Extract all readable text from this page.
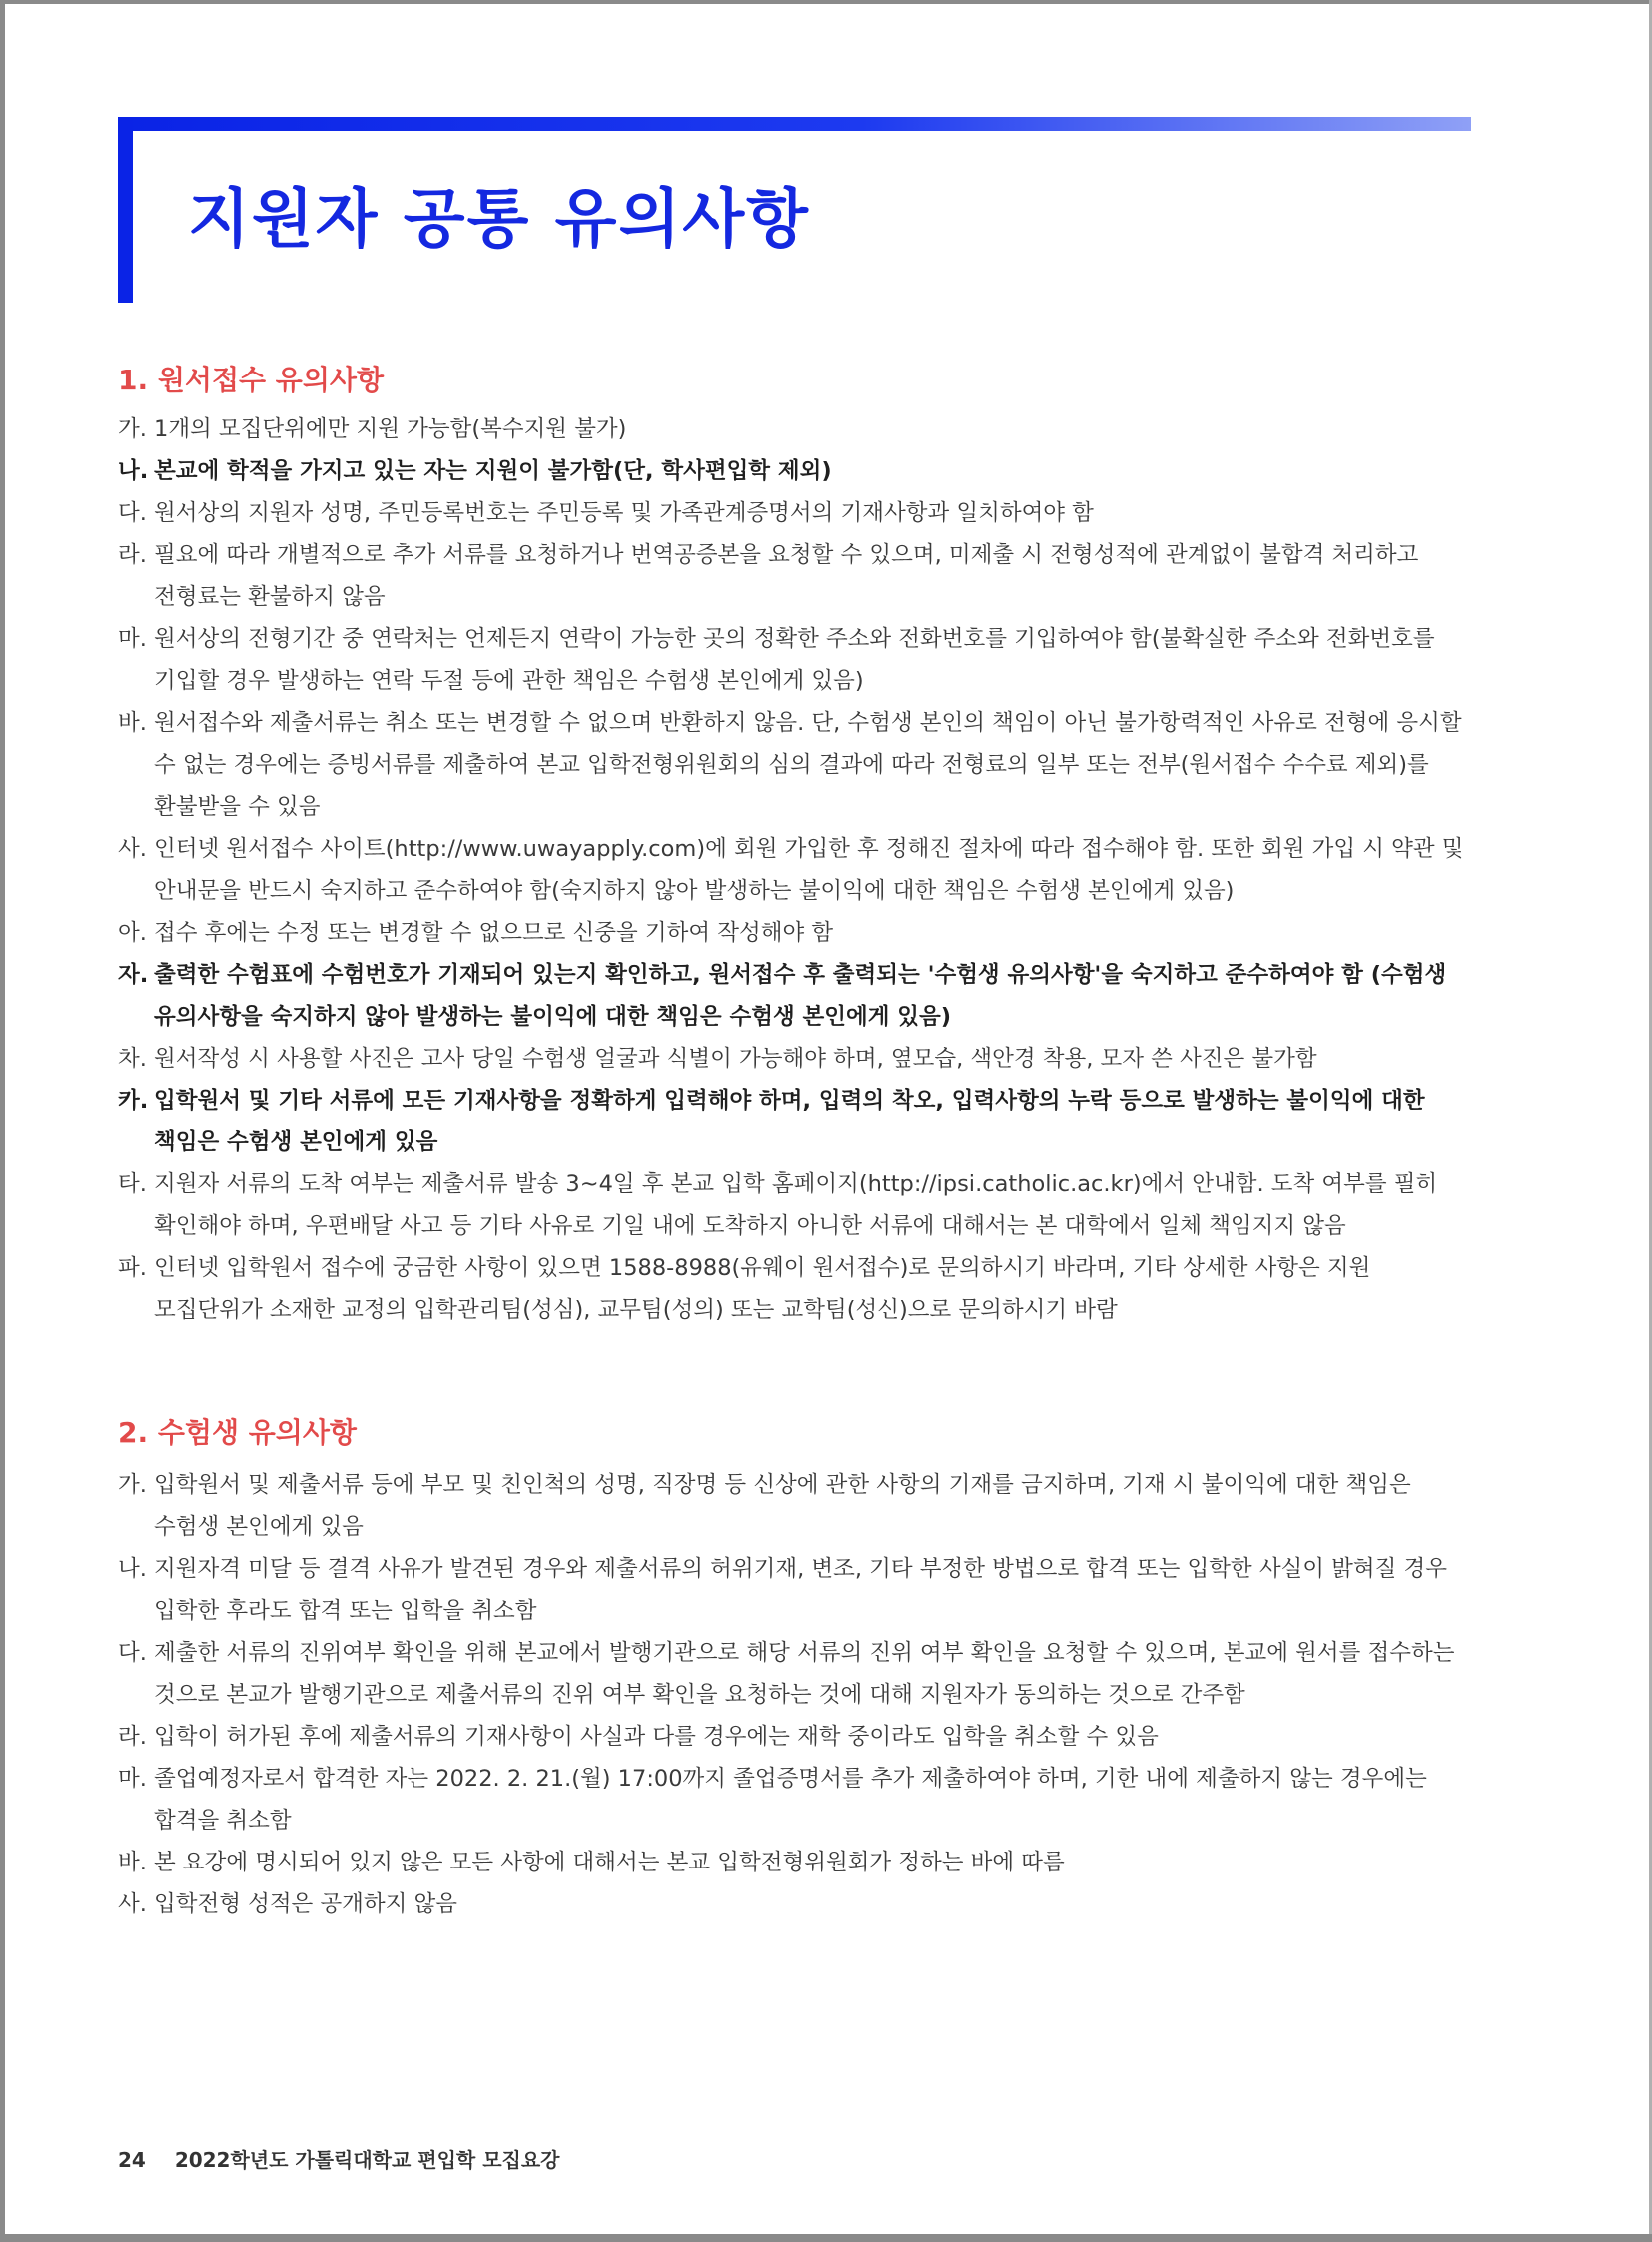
지원자 공통 유의사항
1. 원서접수 유의사항
가. 1개의 모집단위에만 지원 가능함(복수지원 불가)
나. 본교에 학적을 가지고 있는 자는 지원이 불가함(단, 학사편입학 제외)
다. 원서상의 지원자 성명, 주민등록번호는 주민등록 및 가족관계증명서의 기재사항과 일치하여야 함
라. 필요에 따라 개별적으로 추가 서류를 요청하거나 번역공증본을 요청할 수 있으며, 미제출 시 전형성적에 관계없이 불합격 처리하고 전형료는 환불하지 않음
마. 원서상의 전형기간 중 연락처는 언제든지 연락이 가능한 곳의 정확한 주소와 전화번호를 기입하여야 함(불확실한 주소와 전화번호를 기입할 경우 발생하는 연락 두절 등에 관한 책임은 수험생 본인에게 있음)
바. 원서접수와 제출서류는 취소 또는 변경할 수 없으며 반환하지 않음. 단, 수험생 본인의 책임이 아닌 불가항력적인 사유로 전형에 응시할 수 없는 경우에는 증빙서류를 제출하여 본교 입학전형위원회의 심의 결과에 따라 전형료의 일부 또는 전부(원서접수 수수료 제외)를 환불받을 수 있음
사. 인터넷 원서접수 사이트(http://www.uwayapply.com)에 회원 가입한 후 정해진 절차에 따라 접수해야 함. 또한 회원 가입 시 약관 및 안내문을 반드시 숙지하고 준수하여야 함(숙지하지 않아 발생하는 불이익에 대한 책임은 수험생 본인에게 있음)
아. 접수 후에는 수정 또는 변경할 수 없으므로 신중을 기하여 작성해야 함
자. 출력한 수험표에 수험번호가 기재되어 있는지 확인하고, 원서접수 후 출력되는 '수험생 유의사항'을 숙지하고 준수하여야 함 (수험생 유의사항을 숙지하지 않아 발생하는 불이익에 대한 책임은 수험생 본인에게 있음)
차. 원서작성 시 사용할 사진은 고사 당일 수험생 얼굴과 식별이 가능해야 하며, 옆모습, 색안경 착용, 모자 쓴 사진은 불가함
카. 입학원서 및 기타 서류에 모든 기재사항을 정확하게 입력해야 하며, 입력의 착오, 입력사항의 누락 등으로 발생하는 불이익에 대한 책임은 수험생 본인에게 있음
타. 지원자 서류의 도착 여부는 제출서류 발송 3~4일 후 본교 입학 홈페이지(http://ipsi.catholic.ac.kr)에서 안내함. 도착 여부를 필히 확인해야 하며, 우편배달 사고 등 기타 사유로 기일 내에 도착하지 아니한 서류에 대해서는 본 대학에서 일체 책임지지 않음
파. 인터넷 입학원서 접수에 궁금한 사항이 있으면 1588-8988(유웨이 원서접수)로 문의하시기 바라며, 기타 상세한 사항은 지원 모집단위가 소재한 교정의 입학관리팀(성심), 교무팀(성의) 또는 교학팀(성신)으로 문의하시기 바람
2. 수험생 유의사항
가. 입학원서 및 제출서류 등에 부모 및 친인척의 성명, 직장명 등 신상에 관한 사항의 기재를 금지하며, 기재 시 불이익에 대한 책임은 수험생 본인에게 있음
나. 지원자격 미달 등 결격 사유가 발견된 경우와 제출서류의 허위기재, 변조, 기타 부정한 방법으로 합격 또는 입학한 사실이 밝혀질 경우 입학한 후라도 합격 또는 입학을 취소함
다. 제출한 서류의 진위여부 확인을 위해 본교에서 발행기관으로 해당 서류의 진위 여부 확인을 요청할 수 있으며, 본교에 원서를 접수하는 것으로 본교가 발행기관으로 제출서류의 진위 여부 확인을 요청하는 것에 대해 지원자가 동의하는 것으로 간주함
라. 입학이 허가된 후에 제출서류의 기재사항이 사실과 다를 경우에는 재학 중이라도 입학을 취소할 수 있음
마. 졸업예정자로서 합격한 자는 2022. 2. 21.(월) 17:00까지 졸업증명서를 추가 제출하여야 하며, 기한 내에 제출하지 않는 경우에는 합격을 취소함
바. 본 요강에 명시되어 있지 않은 모든 사항에 대해서는 본교 입학전형위원회가 정하는 바에 따름
사. 입학전형 성적은 공개하지 않음
24 2022학년도 가톨릭대학교 편입학 모집요강
